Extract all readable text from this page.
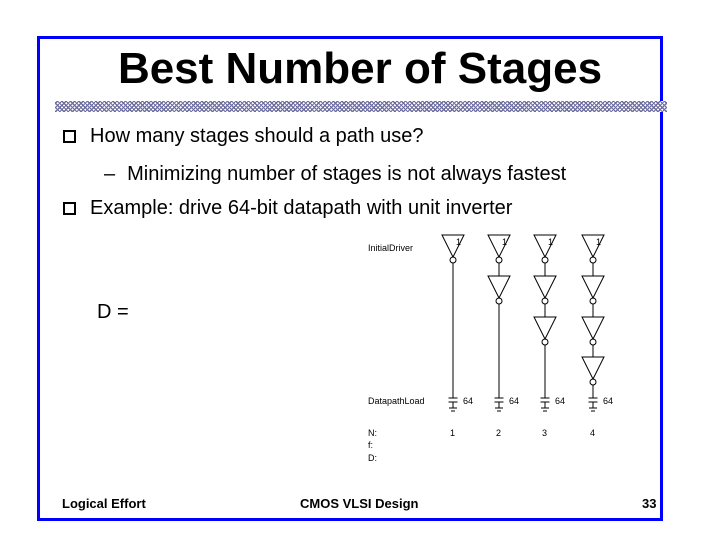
Best Number of Stages
How many stages should a path use?
– Minimizing number of stages is not always fastest
Example: drive 64-bit datapath with unit inverter
D =
InitialDriver
DatapathLoad
N:
f:
D:
1
64
1
1
64
2
1
64
3
1
64
4
Logical Effort	CMOS VLSI Design	33
